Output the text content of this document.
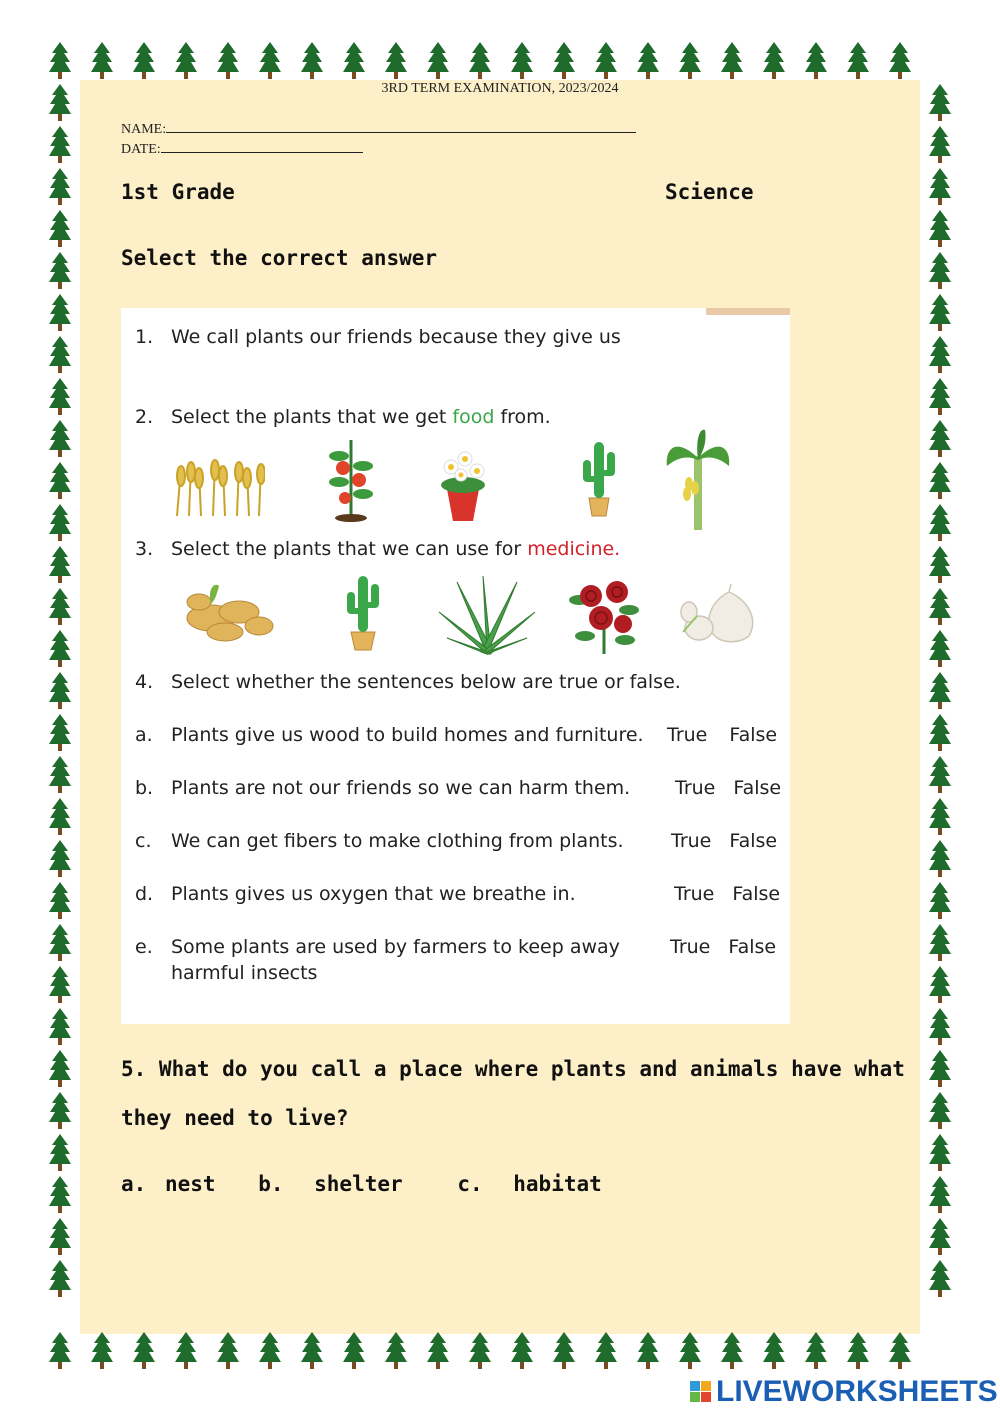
3RD TERM EXAMINATION, 2023/2024
NAME:
DATE:
1st Grade	Science
Select the correct answer
1. We call plants our friends because they give us
2. Select the plants that we get food from.
3. Select the plants that we can use for medicine.
4. Select whether the sentences below are true or false.
a. Plants give us wood to build homes and furniture. True False
b. Plants are not our friends so we can harm them. True False
c. We can get fibers to make clothing from plants. True False
d. Plants gives us oxygen that we breathe in.	True False
e. Some plants are used by farmers to keep away
harmful insects
True False
5. What do you call a place where plants and animals have what
they need to live?
a. nest b. shelter	c. habitat
LIVEWORKSHEETS
